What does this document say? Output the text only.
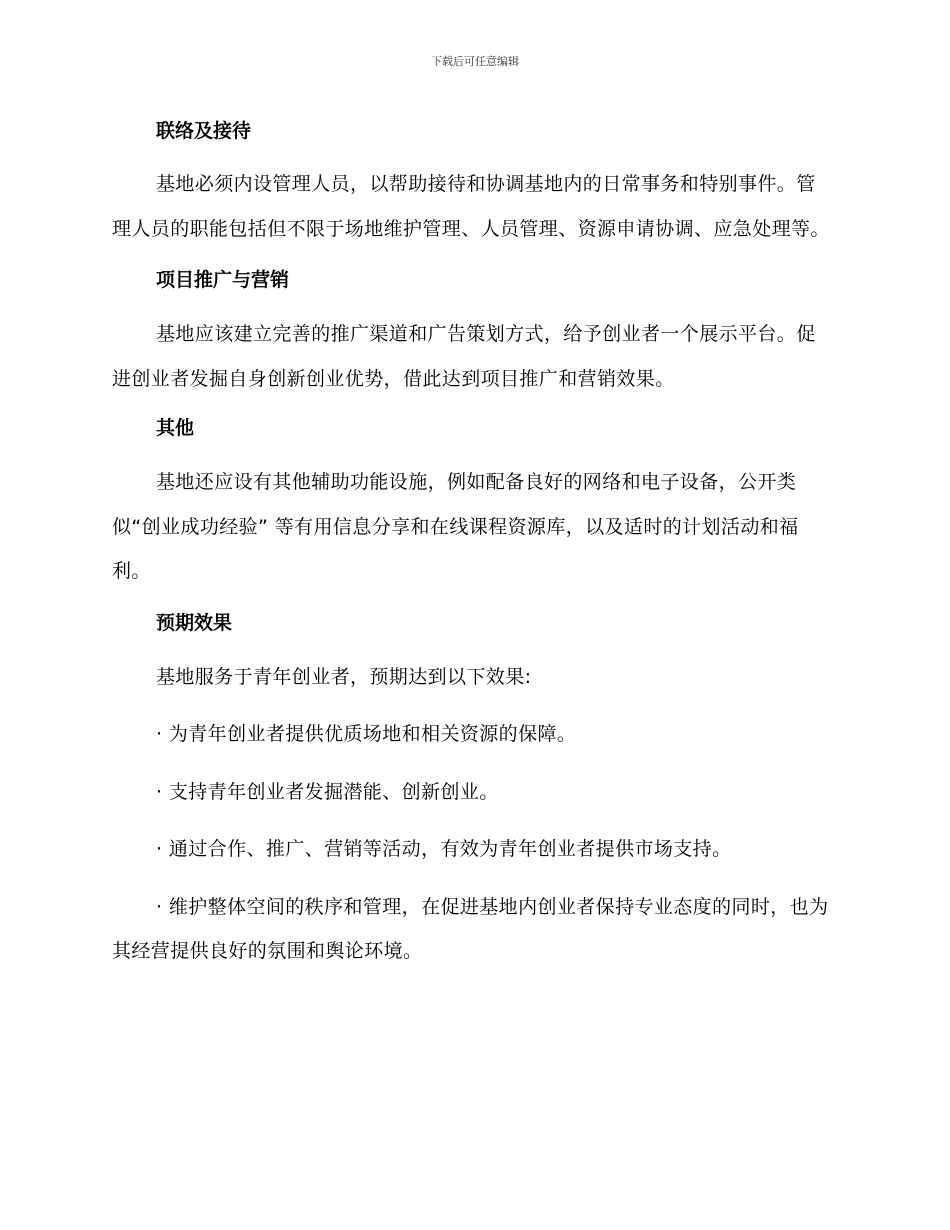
下载后可任意编辑
联络及接待

基地必须内设管理人员，以帮助接待和协调基地内的日常事务和特别事件。管理人员的职能包括但不限于场地维护管理、人员管理、资源申请协调、应急处理等。

项目推广与营销

基地应该建立完善的推广渠道和广告策划方式，给予创业者一个展示平台。促进创业者发掘自身创新创业优势，借此达到项目推广和营销效果。

其他

基地还应设有其他辅助功能设施，例如配备良好的网络和电子设备，公开类似“创业成功经验” 等有用信息分享和在线课程资源库，以及适时的计划活动和福利。

预期效果

基地服务于青年创业者，预期达到以下效果:

· 为青年创业者提供优质场地和相关资源的保障。

· 支持青年创业者发掘潜能、创新创业。

· 通过合作、推广、营销等活动，有效为青年创业者提供市场支持。

· 维护整体空间的秩序和管理，在促进基地内创业者保持专业态度的同时，也为其经营提供良好的氛围和舆论环境。
